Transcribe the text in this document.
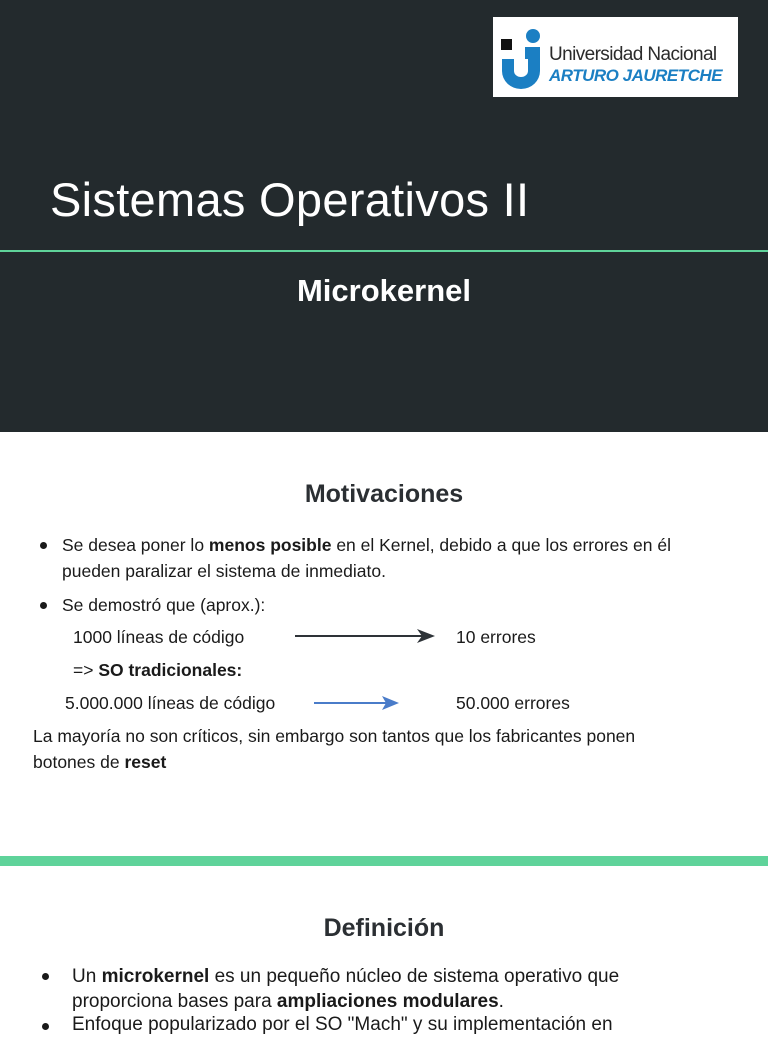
Universidad Nacional
ARTURO JAURETCHE
Sistemas Operativos II
Microkernel
Motivaciones
Se desea poner lo menos posible en el Kernel, debido a que los errores en él
pueden paralizar el sistema de inmediato.
Se demostró que (aprox.):
1000 líneas de código	10 errores
=> SO tradicionales:
5.000.000 líneas de código	50.000 errores
La mayoría no son críticos, sin embargo son tantos que los fabricantes ponen
botones de reset
Definición
Un microkernel es un pequeño núcleo de sistema operativo que
proporciona bases para ampliaciones modulares.
Enfoque popularizado por el SO "Mach" y su implementación en
